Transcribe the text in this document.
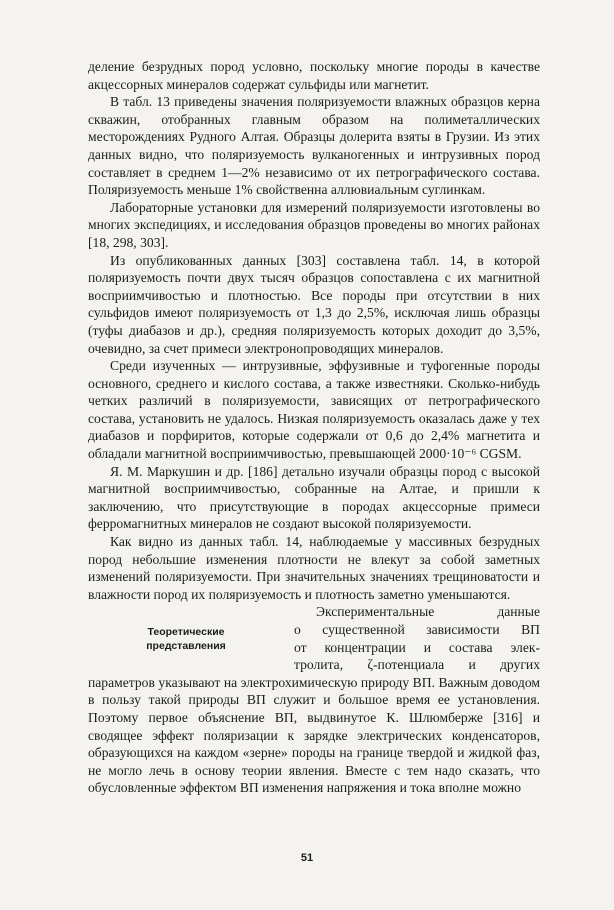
деление безрудных пород условно, поскольку многие породы в качестве акцессорных минералов содержат сульфиды или магнетит.

В табл. 13 приведены значения поляризуемости влажных образцов керна скважин, отобранных главным образом на полиметаллических месторождениях Рудного Алтая. Образцы долерита взяты в Грузии. Из этих данных видно, что поляризуемость вулканогенных и интрузивных пород составляет в среднем 1—2% независимо от их петрографического состава. Поляризуемость меньше 1% свойственна аллювиальным суглинкам.

Лабораторные установки для измерений поляризуемости изготовлены во многих экспедициях, и исследования образцов проведены во многих районах [18, 298, 303].

Из опубликованных данных [303] составлена табл. 14, в которой поляризуемость почти двух тысяч образцов сопоставлена с их магнитной восприимчивостью и плотностью. Все породы при отсутствии в них сульфидов имеют поляризуемость от 1,3 до 2,5%, исключая лишь образцы (туфы диабазов и др.), средняя поляризуемость которых доходит до 3,5%, очевидно, за счет примеси электронопроводящих минералов.

Среди изученных — интрузивные, эффузивные и туфогенные породы основного, среднего и кислого состава, а также известняки. Сколько-нибудь четких различий в поляризуемости, зависящих от петрографического состава, установить не удалось. Низкая поляризуемость оказалась даже у тех диабазов и порфиритов, которые содержали от 0,6 до 2,4% магнетита и обладали магнитной восприимчивостью, превышающей 2000·10⁻⁶ CGSM.

Я. М. Маркушин и др. [186] детально изучали образцы пород с высокой магнитной восприимчивостью, собранные на Алтае, и пришли к заключению, что присутствующие в породах акцессорные примеси ферромагнитных минералов не создают высокой поляризуемости.

Как видно из данных табл. 14, наблюдаемые у массивных безрудных пород небольшие изменения плотности не влекут за собой заметных изменений поляризуемости. При значительных значениях трещиноватости и влажности пород их поляризуемость и плотность заметно уменьшаются.

Теоретические
представления
Экспериментальные данные
о существенной зависимости ВП
от концентрации и состава элек-
тролита, ζ-потенциала и других

параметров указывают на электрохимическую природу ВП. Важным доводом в пользу такой природы ВП служит и большое время ее установления. Поэтому первое объяснение ВП, выдвинутое К. Шлюмберже [316] и сводящее эффект поляризации к зарядке электрических конденсаторов, образующихся на каждом «зерне» породы на границе твердой и жидкой фаз, не могло лечь в основу теории явления. Вместе с тем надо сказать, что обусловленные эффектом ВП изменения напряжения и тока вполне можно

51
